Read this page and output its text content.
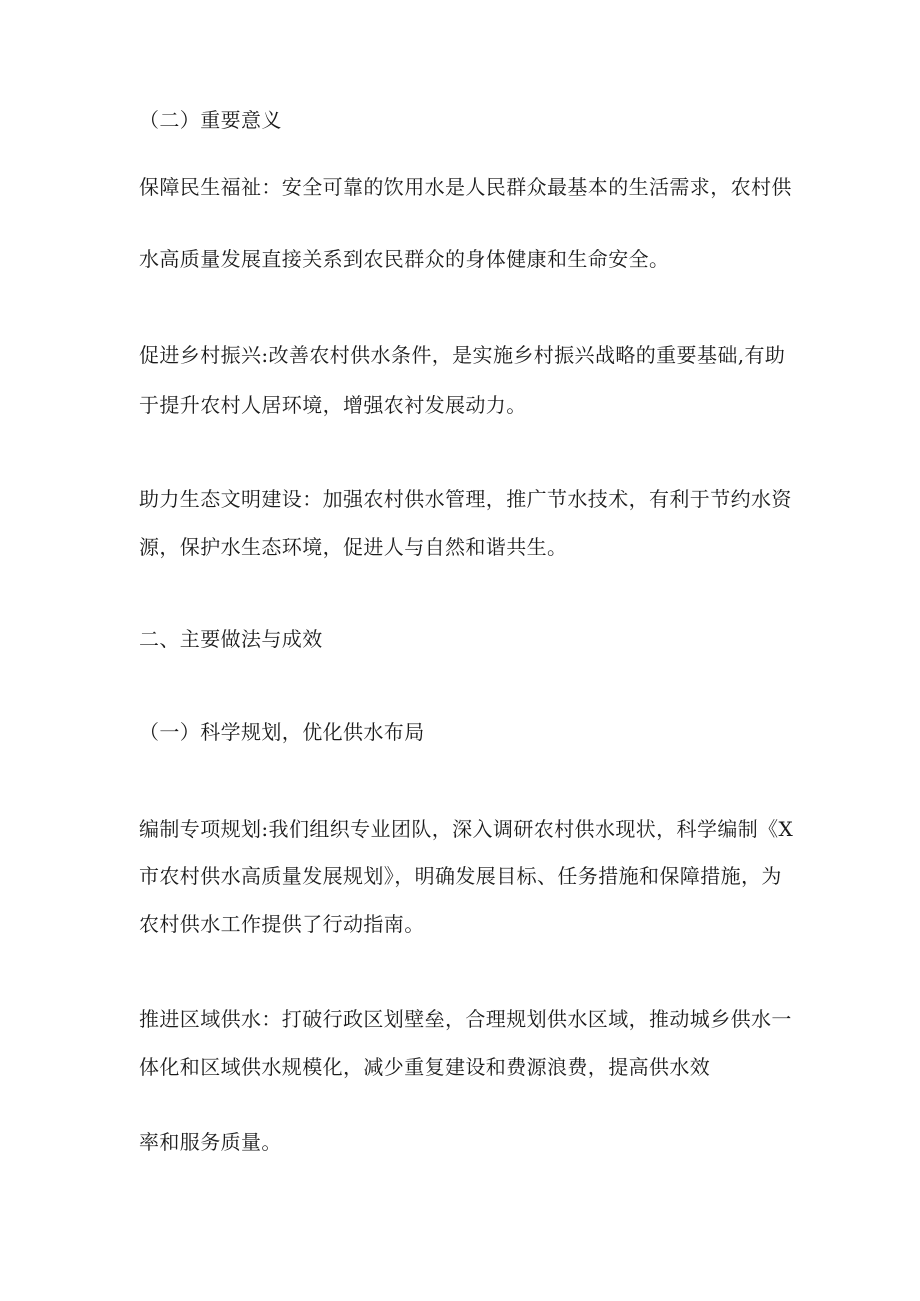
（二）重要意义
保障民生福祉：安全可靠的饮用水是人民群众最基本的生活需求，农村供
水高质量发展直接关系到农民群众的身体健康和生命安全。
促进乡村振兴:改善农村供水条件，是实施乡村振兴战略的重要基础,有助
于提升农村人居环境，增强农衬发展动力。
助力生态文明建设：加强农村供水管理，推广节水技术，有利于节约水资
源，保护水生态环境，促进人与自然和谐共生。
二、主要做法与成效
（一）科学规划，优化供水布局
编制专项规划:我们组织专业团队，深入调研农村供水现状，科学编制《X
市农村供水高质量发展规划》，明确发展目标、任务措施和保障措施，为
农村供水工作提供了行动指南。
推进区域供水：打破行政区划壁垒，合理规划供水区域，推动城乡供水一
体化和区域供水规模化，减少重复建设和费源浪费，提高供水效
率和服务质量。
